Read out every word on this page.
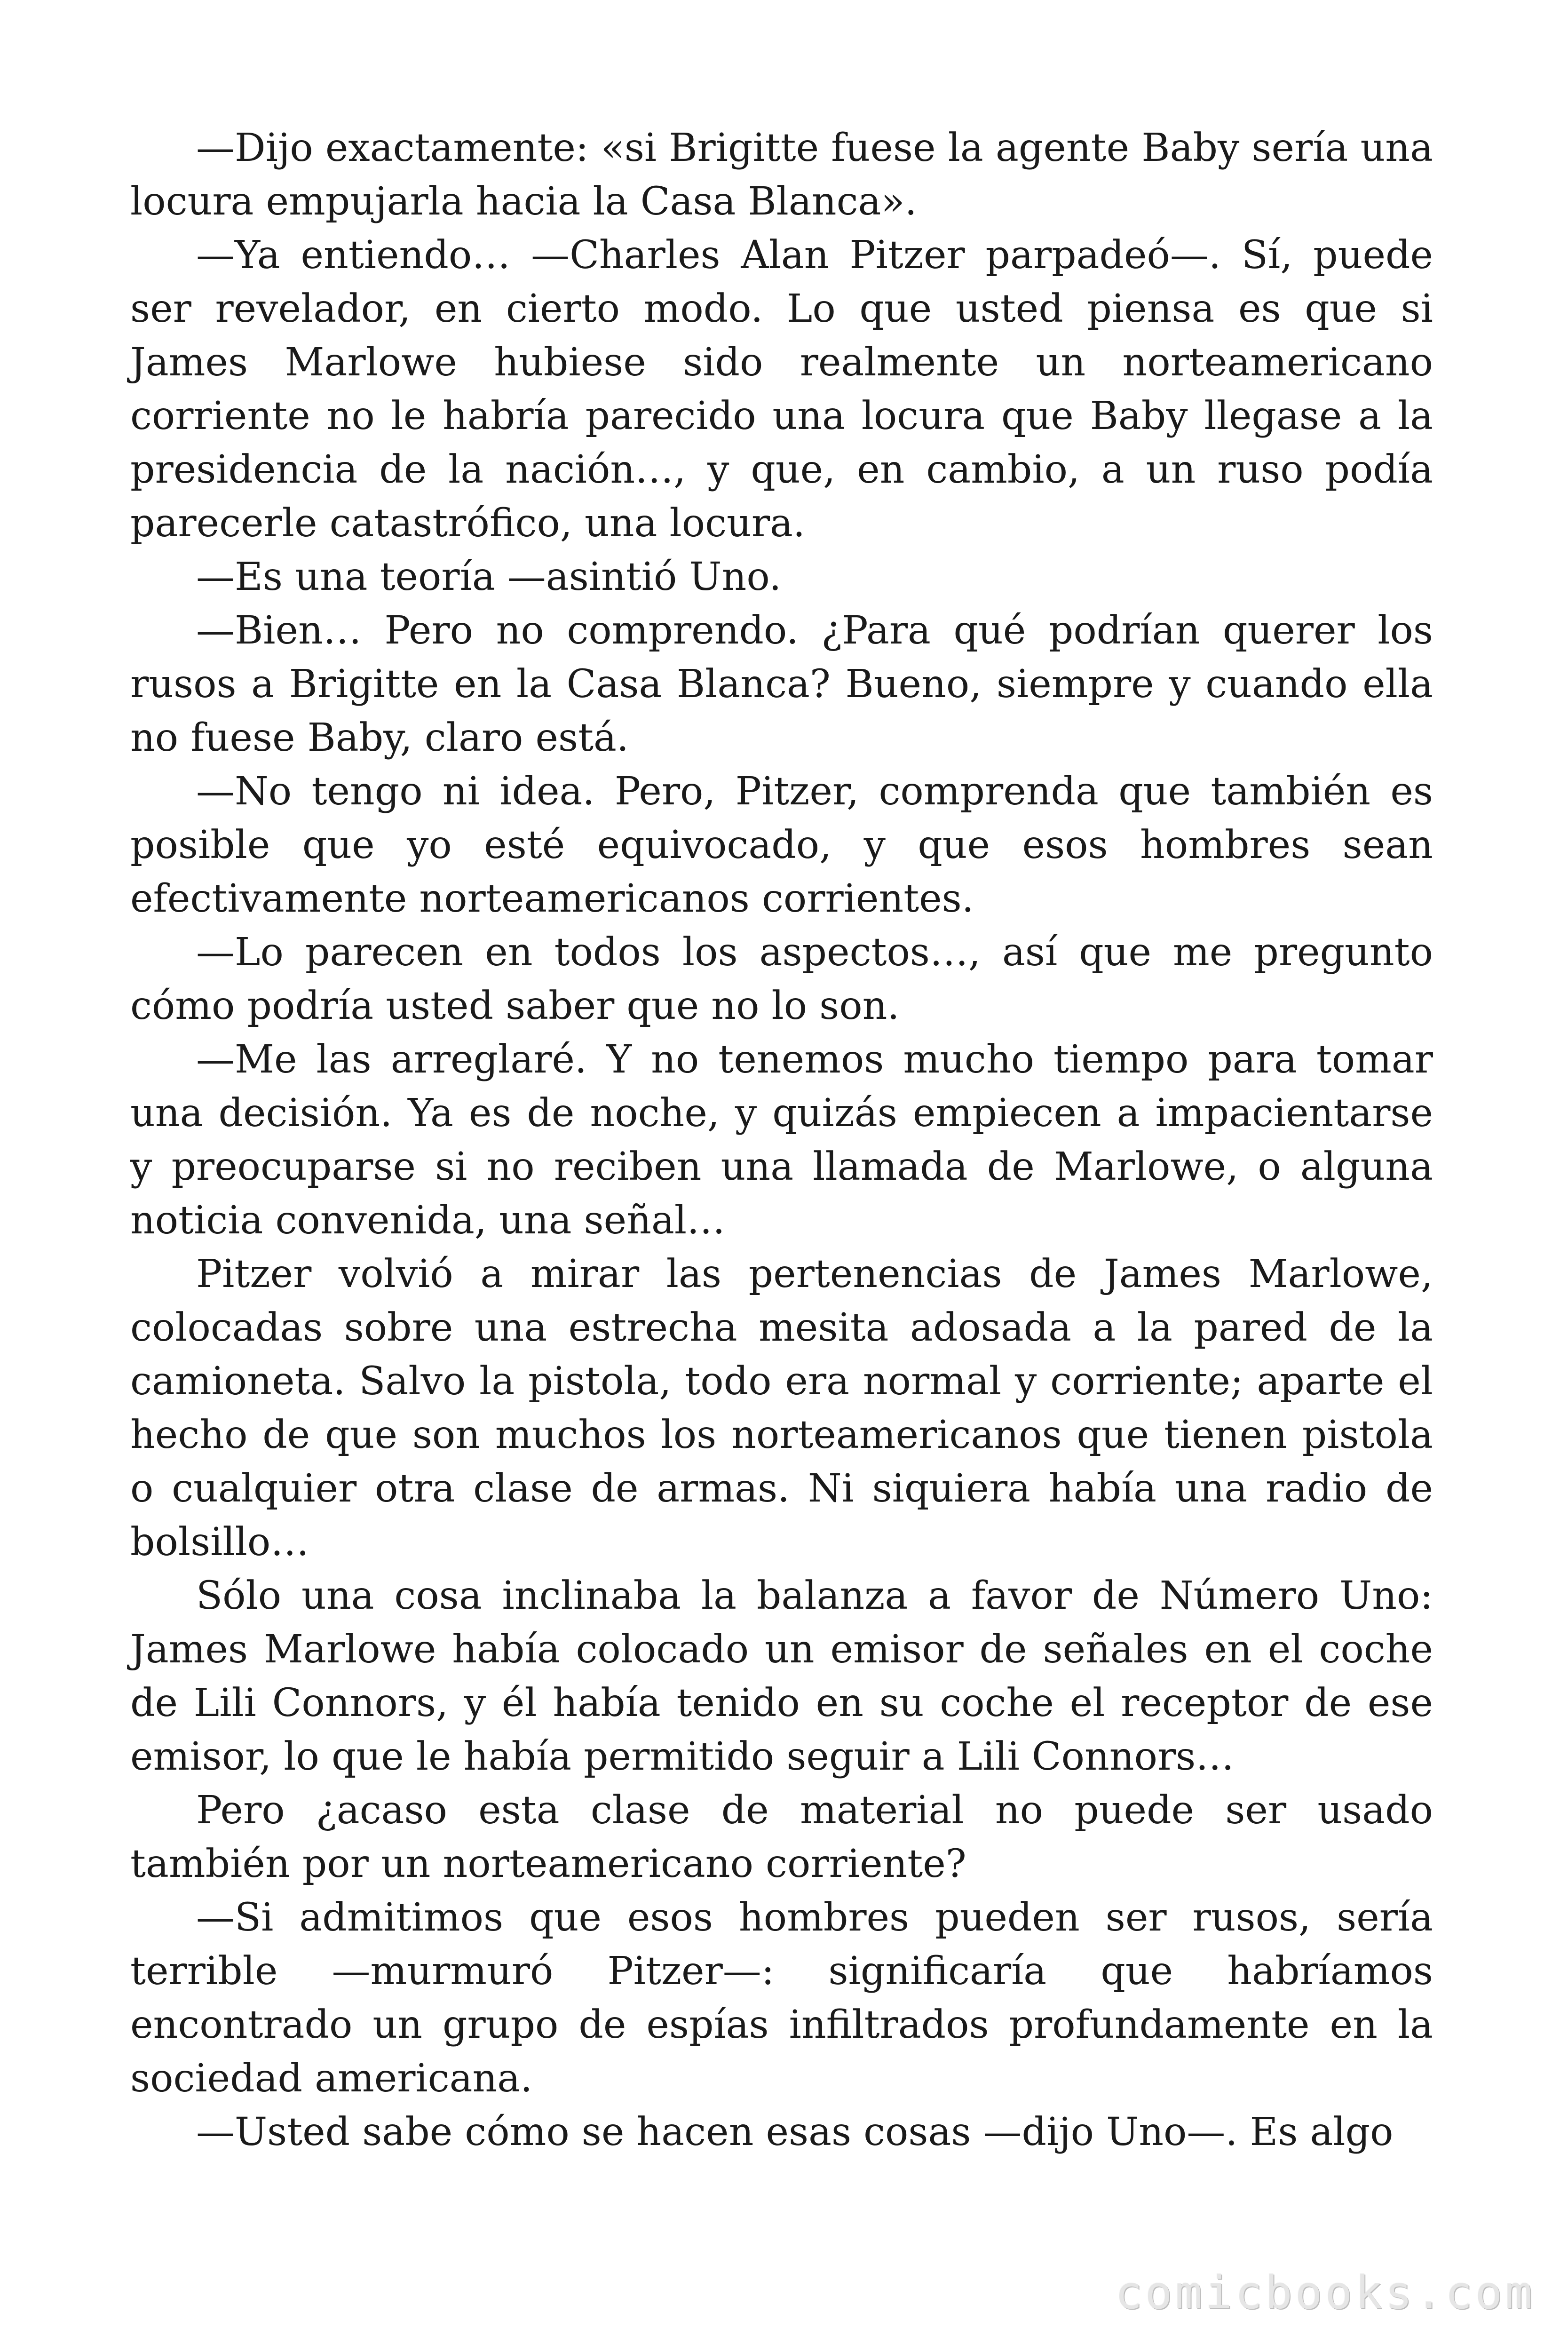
—Dijo exactamente: «si Brigitte fuese la agente Baby sería una locura empujarla hacia la Casa Blanca».

—Ya entiendo… —Charles Alan Pitzer parpadeó—. Sí, puede ser revelador, en cierto modo. Lo que usted piensa es que si James Marlowe hubiese sido realmente un norteamericano corriente no le habría parecido una locura que Baby llegase a la presidencia de la nación…, y que, en cambio, a un ruso podía parecerle catastrófico, una locura.

—Es una teoría —asintió Uno.

—Bien… Pero no comprendo. ¿Para qué podrían querer los rusos a Brigitte en la Casa Blanca? Bueno, siempre y cuando ella no fuese Baby, claro está.

—No tengo ni idea. Pero, Pitzer, comprenda que también es posible que yo esté equivocado, y que esos hombres sean efectivamente norteamericanos corrientes.

—Lo parecen en todos los aspectos…, así que me pregunto cómo podría usted saber que no lo son.

—Me las arreglaré. Y no tenemos mucho tiempo para tomar una decisión. Ya es de noche, y quizás empiecen a impacientarse y preocuparse si no reciben una llamada de Marlowe, o alguna noticia convenida, una señal…

Pitzer volvió a mirar las pertenencias de James Marlowe, colocadas sobre una estrecha mesita adosada a la pared de la camioneta. Salvo la pistola, todo era normal y corriente; aparte el hecho de que son muchos los norteamericanos que tienen pistola o cualquier otra clase de armas. Ni siquiera había una radio de bolsillo…

Sólo una cosa inclinaba la balanza a favor de Número Uno: James Marlowe había colocado un emisor de señales en el coche de Lili Connors, y él había tenido en su coche el receptor de ese emisor, lo que le había permitido seguir a Lili Connors…

Pero ¿acaso esta clase de material no puede ser usado también por un norteamericano corriente?

—Si admitimos que esos hombres pueden ser rusos, sería terrible —murmuró Pitzer—: significaría que habríamos encontrado un grupo de espías infiltrados profundamente en la sociedad americana.

—Usted sabe cómo se hacen esas cosas —dijo Uno—. Es algo

comicbooks.com
